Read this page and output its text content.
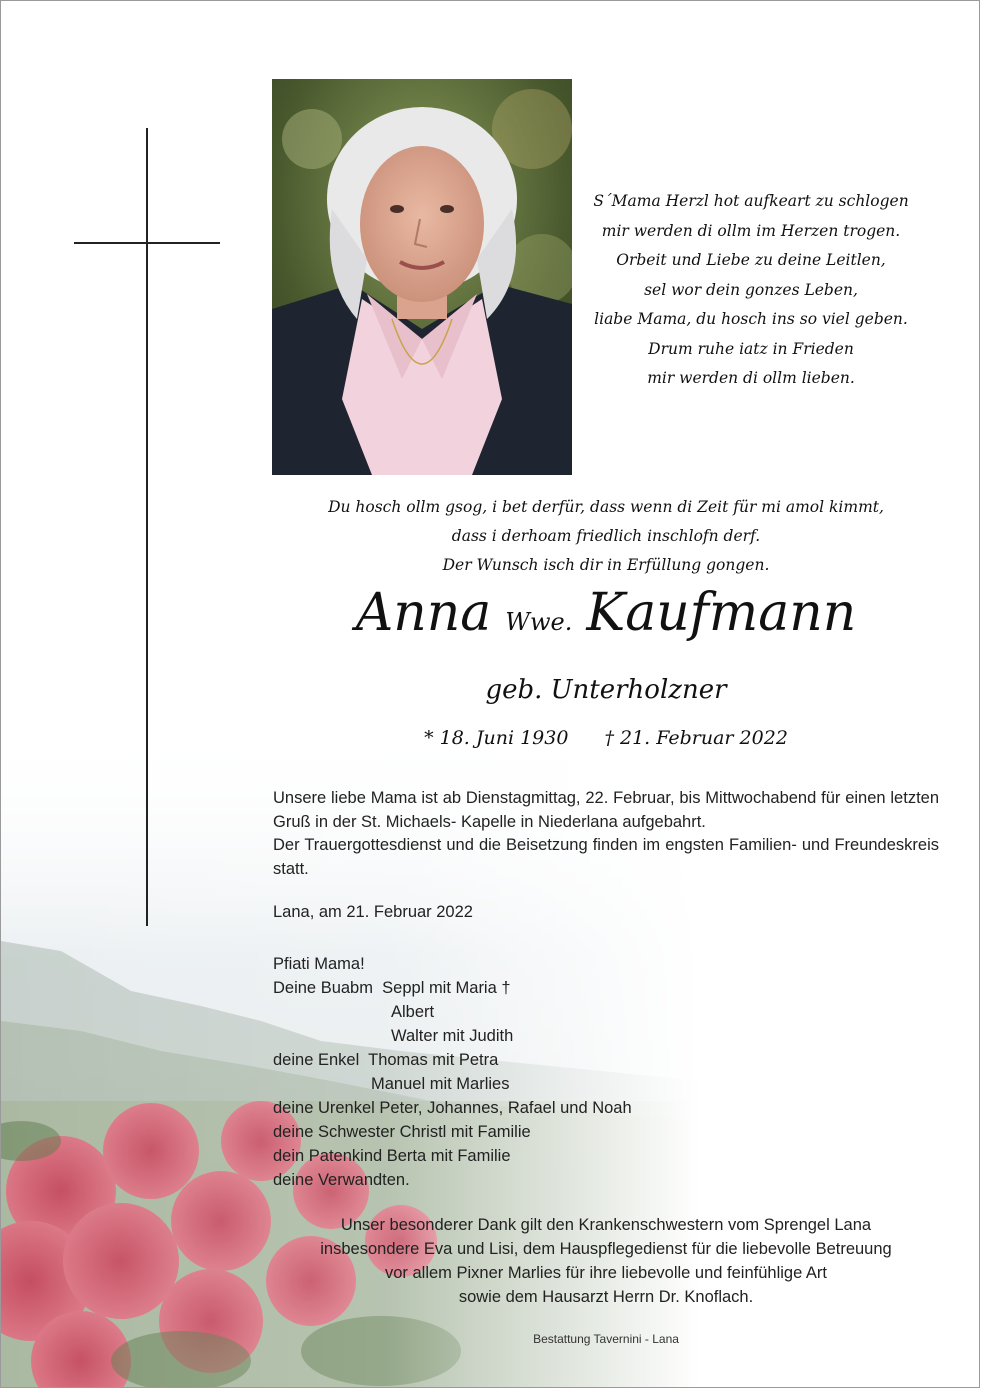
S´Mama Herzl hot aufkeart zu schlogen
mir werden di ollm im Herzen trogen.
Orbeit und Liebe zu deine Leitlen,
sel wor dein gonzes Leben,
liabe Mama, du hosch ins so viel geben.
Drum ruhe iatz in Frieden
mir werden di ollm lieben.
Du hosch ollm gsog, i bet derfür, dass wenn di Zeit für mi amol kimmt,
dass i derhoam friedlich inschlofn derf.
Der Wunsch isch dir in Erfüllung gongen.
Anna Wwe. Kaufmann
geb. Unterholzner
* 18. Juni 1930 † 21. Februar 2022

Unsere liebe Mama ist ab Dienstagmittag, 22. Februar, bis Mittwochabend für einen letzten Gruß in der St. Michaels- Kapelle in Niederlana aufgebahrt.

Der Trauergottesdienst und die Beisetzung finden im engsten Familien- und Freundeskreis statt.

Lana, am 21. Februar 2022
Pfiati Mama!
Deine Buabm Seppl mit Maria †
Albert
Walter mit Judith
deine Enkel Thomas mit Petra
Manuel mit Marlies
deine Urenkel Peter, Johannes, Rafael und Noah
deine Schwester Christl mit Familie
dein Patenkind Berta mit Familie
deine Verwandten.
Unser besonderer Dank gilt den Krankenschwestern vom Sprengel Lana
insbesondere Eva und Lisi, dem Hauspflegedienst für die liebevolle Betreuung
vor allem Pixner Marlies für ihre liebevolle und feinfühlige Art
sowie dem Hausarzt Herrn Dr. Knoflach.
Bestattung Tavernini - Lana
